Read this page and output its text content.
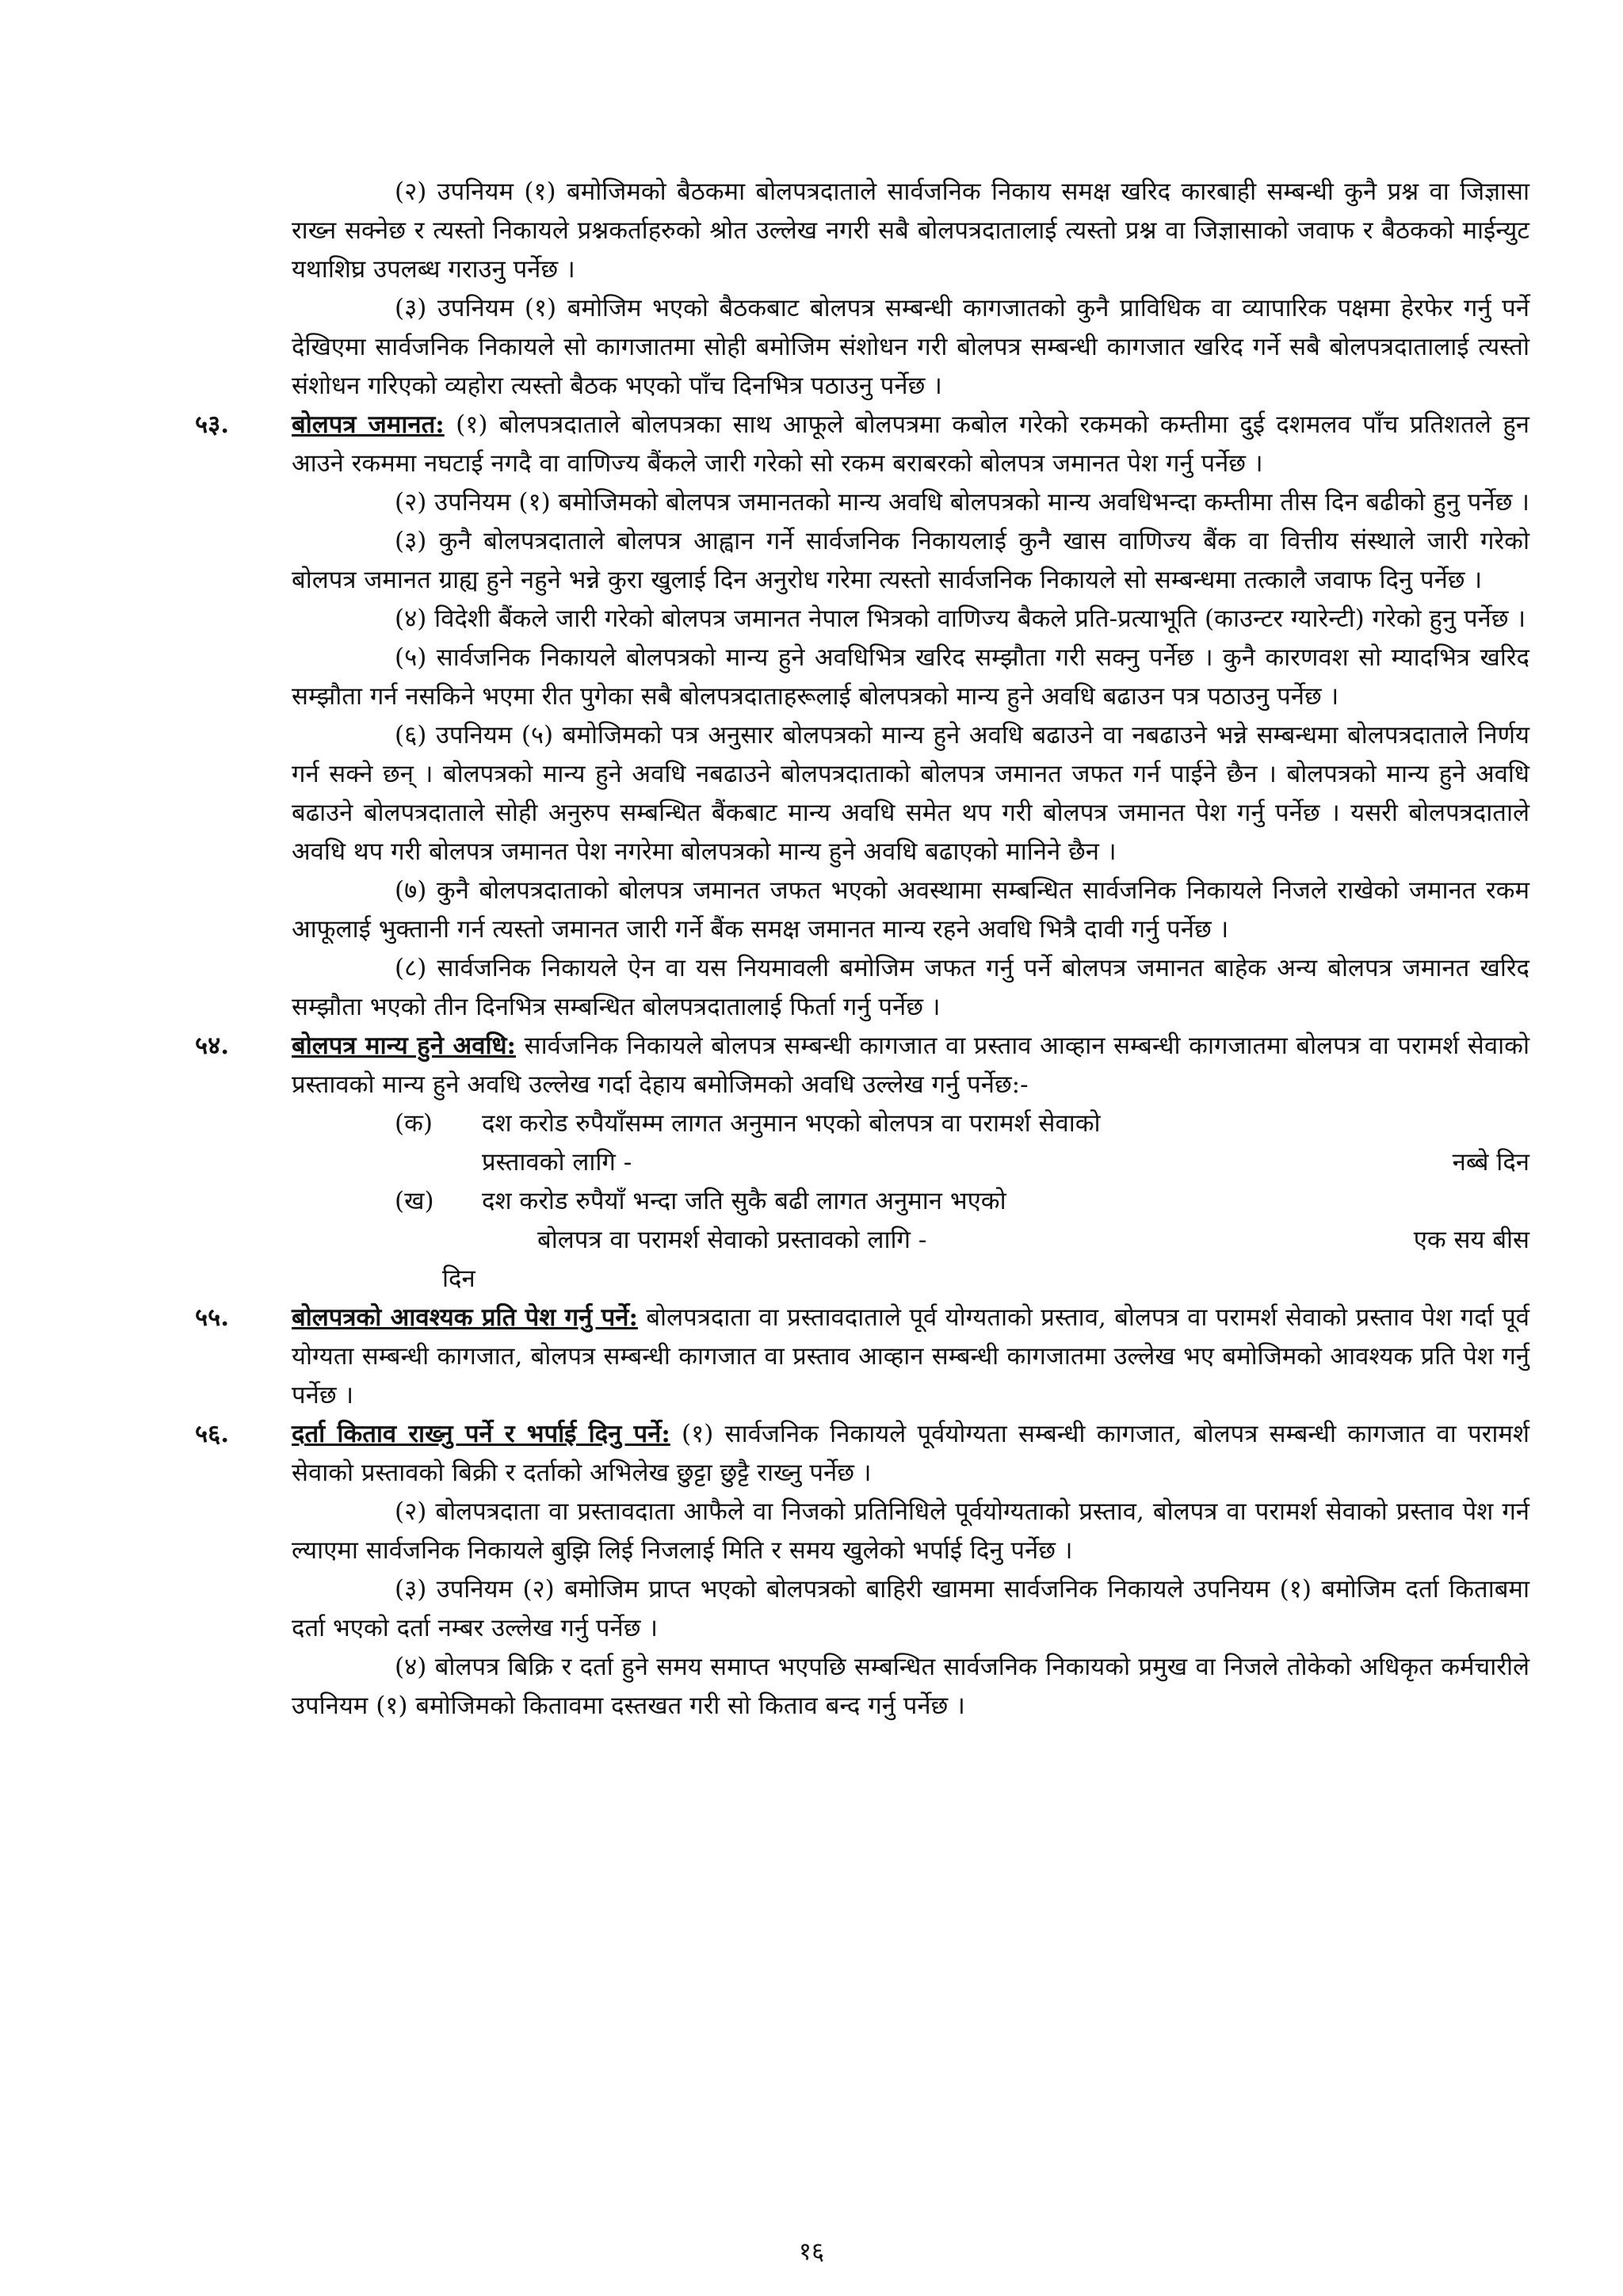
(२) उपनियम (१) बमोजिमको बैठकमा बोलपत्रदाताले सार्वजनिक निकाय समक्ष खरिद कारबाही सम्बन्धी कुनै प्रश्न वा जिज्ञासा राख्न सक्नेछ र त्यस्तो निकायले प्रश्नकर्ताहरुको श्रोत उल्लेख नगरी सबै बोलपत्रदातालाई त्यस्तो प्रश्न वा जिज्ञासाको जवाफ र बैठकको माईन्युट यथाशिघ्र उपलब्ध गराउनु पर्नेछ ।

(३) उपनियम (१) बमोजिम भएको बैठकबाट बोलपत्र सम्बन्धी कागजातको कुनै प्राविधिक वा व्यापारिक पक्षमा हेरफेर गर्नु पर्ने देखिएमा सार्वजनिक निकायले सो कागजातमा सोही बमोजिम संशोधन गरी बोलपत्र सम्बन्धी कागजात खरिद गर्ने सबै बोलपत्रदातालाई त्यस्तो संशोधन गरिएको व्यहोरा त्यस्तो बैठक भएको पाँच दिनभित्र पठाउनु पर्नेछ ।

५३.	बोलपत्र जमानत: (१) बोलपत्रदाताले बोलपत्रका साथ आफूले बोलपत्रमा कबोल गरेको रकमको कम्तीमा दुई दशमलव पाँच प्रतिशतले हुन आउने रकममा नघटाई नगदै वा वाणिज्य बैंकले जारी गरेको सो रकम बराबरको बोलपत्र जमानत पेश गर्नु पर्नेछ ।

(२) उपनियम (१) बमोजिमको बोलपत्र जमानतको मान्य अवधि बोलपत्रको मान्य अवधिभन्दा कम्तीमा तीस दिन बढीको हुनु पर्नेछ ।

(३) कुनै बोलपत्रदाताले बोलपत्र आह्वान गर्ने सार्वजनिक निकायलाई कुनै खास वाणिज्य बैंक वा वित्तीय संस्थाले जारी गरेको बोलपत्र जमानत ग्राह्य हुने नहुने भन्ने कुरा खुलाई दिन अनुरोध गरेमा त्यस्तो सार्वजनिक निकायले सो सम्बन्धमा तत्कालै जवाफ दिनु पर्नेछ ।

(४) विदेशी बैंकले जारी गरेको बोलपत्र जमानत नेपाल भित्रको वाणिज्य बैकले प्रति-प्रत्याभूति (काउन्टर ग्यारेन्टी) गरेको हुनु पर्नेछ ।

(५) सार्वजनिक निकायले बोलपत्रको मान्य हुने अवधिभित्र खरिद सम्झौता गरी सक्नु पर्नेछ । कुनै कारणवश सो म्यादभित्र खरिद सम्झौता गर्न नसकिने भएमा रीत पुगेका सबै बोलपत्रदाताहरूलाई बोलपत्रको मान्य हुने अवधि बढाउन पत्र पठाउनु पर्नेछ ।

(६) उपनियम (५) बमोजिमको पत्र अनुसार बोलपत्रको मान्य हुने अवधि बढाउने वा नबढाउने भन्ने सम्बन्धमा बोलपत्रदाताले निर्णय गर्न सक्ने छन् । बोलपत्रको मान्य हुने अवधि नबढाउने बोलपत्रदाताको बोलपत्र जमानत जफत गर्न पाईने छैन । बोलपत्रको मान्य हुने अवधि बढाउने बोलपत्रदाताले सोही अनुरुप सम्बन्धित बैंकबाट मान्य अवधि समेत थप गरी बोलपत्र जमानत पेश गर्नु पर्नेछ । यसरी बोलपत्रदाताले अवधि थप गरी बोलपत्र जमानत पेश नगरेमा बोलपत्रको मान्य हुने अवधि बढाएको मानिने छैन ।

(७) कुनै बोलपत्रदाताको बोलपत्र जमानत जफत भएको अवस्थामा सम्बन्धित सार्वजनिक निकायले निजले राखेको जमानत रकम आफूलाई भुक्तानी गर्न त्यस्तो जमानत जारी गर्ने बैंक समक्ष जमानत मान्य रहने अवधि भित्रै दावी गर्नु पर्नेछ ।

(८) सार्वजनिक निकायले ऐन वा यस नियमावली बमोजिम जफत गर्नु पर्ने बोलपत्र जमानत बाहेक अन्य बोलपत्र जमानत खरिद सम्झौता भएको तीन दिनभित्र सम्बन्धित बोलपत्रदातालाई फिर्ता गर्नु पर्नेछ ।

५४.	बोलपत्र मान्य हुने अवधि: सार्वजनिक निकायले बोलपत्र सम्बन्धी कागजात वा प्रस्ताव आव्हान सम्बन्धी कागजातमा बोलपत्र वा परामर्श सेवाको प्रस्तावको मान्य हुने अवधि उल्लेख गर्दा देहाय बमोजिमको अवधि उल्लेख गर्नु पर्नेछ:-

(क)	दश करोड रुपैयाँसम्म लागत अनुमान भएको बोलपत्र वा परामर्श सेवाको
प्रस्तावको लागि -	नब्बे दिन
(ख)	दश करोड रुपैयाँ भन्दा जति सुकै बढी लागत अनुमान भएको
बोलपत्र वा परामर्श सेवाको प्रस्तावको लागि -	एक सय बीस
दिन
५५.	बोलपत्रको आवश्यक प्रति पेश गर्नु पर्ने: बोलपत्रदाता वा प्रस्तावदाताले पूर्व योग्यताको प्रस्ताव, बोलपत्र वा परामर्श सेवाको प्रस्ताव पेश गर्दा पूर्व योग्यता सम्बन्धी कागजात, बोलपत्र सम्बन्धी कागजात वा प्रस्ताव आव्हान सम्बन्धी कागजातमा उल्लेख भए बमोजिमको आवश्यक प्रति पेश गर्नु पर्नेछ ।

५६.	दर्ता किताव राख्नु पर्ने र भर्पाई दिनु पर्ने: (१) सार्वजनिक निकायले पूर्वयोग्यता सम्बन्धी कागजात, बोलपत्र सम्बन्धी कागजात वा परामर्श सेवाको प्रस्तावको बिक्री र दर्ताको अभिलेख छुट्टा छुट्टै राख्नु पर्नेछ ।

(२) बोलपत्रदाता वा प्रस्तावदाता आफैले वा निजको प्रतिनिधिले पूर्वयोग्यताको प्रस्ताव, बोलपत्र वा परामर्श सेवाको प्रस्ताव पेश गर्न ल्याएमा सार्वजनिक निकायले बुझि लिई निजलाई मिति र समय खुलेको भर्पाई दिनु पर्नेछ ।

(३) उपनियम (२) बमोजिम प्राप्त भएको बोलपत्रको बाहिरी खाममा सार्वजनिक निकायले उपनियम (१) बमोजिम दर्ता किताबमा दर्ता भएको दर्ता नम्बर उल्लेख गर्नु पर्नेछ ।

(४) बोलपत्र बिक्रि र दर्ता हुने समय समाप्त भएपछि सम्बन्धित सार्वजनिक निकायको प्रमुख वा निजले तोकेको अधिकृत कर्मचारीले उपनियम (१) बमोजिमको कितावमा दस्तखत गरी सो किताव बन्द गर्नु पर्नेछ ।

१६
